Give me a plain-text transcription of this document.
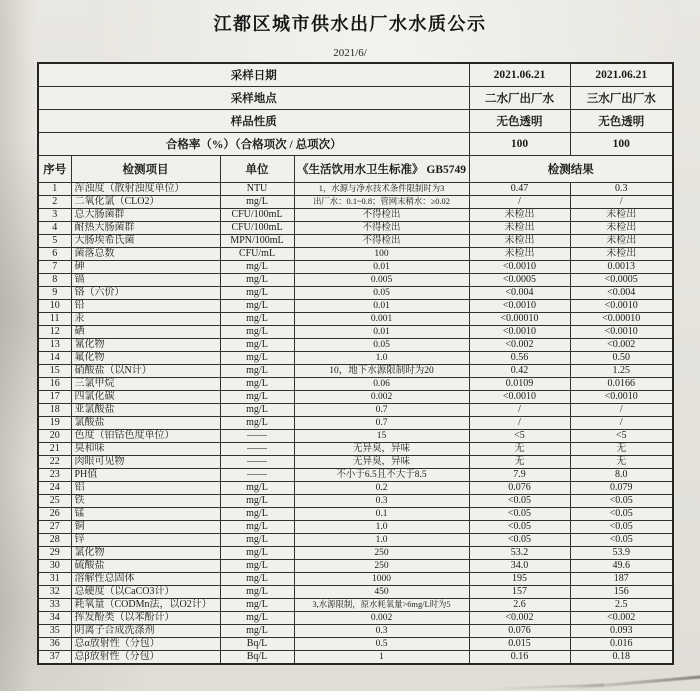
江都区城市供水出厂水水质公示
2021/6/
采样日期				2021.06.21	2021.06.21
采样地点				二水厂出厂水	三水厂出厂水
样品性质				无色透明	无色透明
合格率（%）（合格项次 / 总项次）				100	100
序号	检测项目	单位	《生活饮用水卫生标准》 GB5749	检测结果	
1	浑浊度（散射浊度单位）	NTU	1，水源与净水技术条件限制时为3	0.47	0.3
2	二氧化氯（CLO2）	mg/L	出厂水：0.1~0.8；管网末稍水：≥0.02	/	/
3	总大肠菌群	CFU/100mL	不得检出	未检出	未检出
4	耐热大肠菌群	CFU/100mL	不得检出	未检出	未检出
5	大肠埃希氏菌	MPN/100mL	不得检出	未检出	未检出
6	菌落总数	CFU/mL	100	未检出	未检出
7	砷	mg/L	0.01	<0.0010	0.0013
8	镉	mg/L	0.005	<0.0005	<0.0005
9	铬（六价）	mg/L	0.05	<0.004	<0.004
10	铅	mg/L	0.01	<0.0010	<0.0010
11	汞	mg/L	0.001	<0.00010	<0.00010
12	硒	mg/L	0.01	<0.0010	<0.0010
13	氰化物	mg/L	0.05	<0.002	<0.002
14	氟化物	mg/L	1.0	0.56	0.50
15	硝酸盐（以N计）	mg/L	10，地下水源限制时为20	0.42	1.25
16	三氯甲烷	mg/L	0.06	0.0109	0.0166
17	四氯化碳	mg/L	0.002	<0.0010	<0.0010
18	亚氯酸盐	mg/L	0.7	/	/
19	氯酸盐	mg/L	0.7	/	/
20	色度（铂钴色度单位）	——	15	<5	<5
21	臭和味	——	无异臭，异味	无	无
22	肉眼可见物	——	无异臭，异味	无	无
23	PH值	——	不小于6.5且不大于8.5	7.9	8.0
24	铝	mg/L	0.2	0.076	0.079
25	铁	mg/L	0.3	<0.05	<0.05
26	锰	mg/L	0.1	<0.05	<0.05
27	铜	mg/L	1.0	<0.05	<0.05
28	锌	mg/L	1.0	<0.05	<0.05
29	氯化物	mg/L	250	53.2	53.9
30	硫酸盐	mg/L	250	34.0	49.6
31	溶解性总固体	mg/L	1000	195	187
32	总硬度（以CaCO3计）	mg/L	450	157	156
33	耗氧量（CODMn法，以O2计）	mg/L	3,水源限制，原水耗氧量>6mg/L时为5	2.6	2.5
34	挥发酚类（以苯酚计）	mg/L	0.002	<0.002	<0.002
35	阴离子合成洗涤剂	mg/L	0.3	0.076	0.093
36	总α放射性（分包）	Bq/L	0.5	0.015	0.016
37	总β放射性（分包）	Bq/L	1	0.16	0.18
